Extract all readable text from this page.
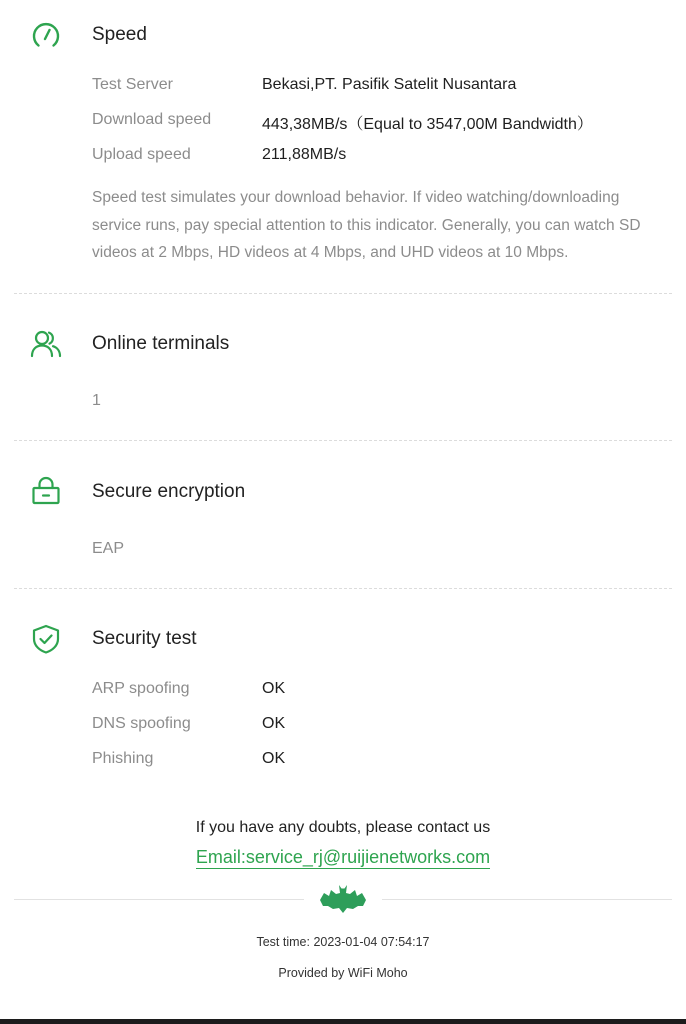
Speed
Test Server	Bekasi,PT. Pasifik Satelit Nusantara
Download speed	443,38MB/s（Equal to 3547,00M Bandwidth）
Upload speed	211,88MB/s
Speed test simulates your download behavior. If video watching/downloading service runs, pay special attention to this indicator. Generally, you can watch SD videos at 2 Mbps, HD videos at 4 Mbps, and UHD videos at 10 Mbps.
Online terminals
1
Secure encryption
EAP
Security test
ARP spoofing	OK
DNS spoofing	OK
Phishing	OK
If you have any doubts, please contact us
Email:service_rj@ruijienetworks.com
Test time: 2023-01-04 07:54:17
Provided by WiFi Moho
